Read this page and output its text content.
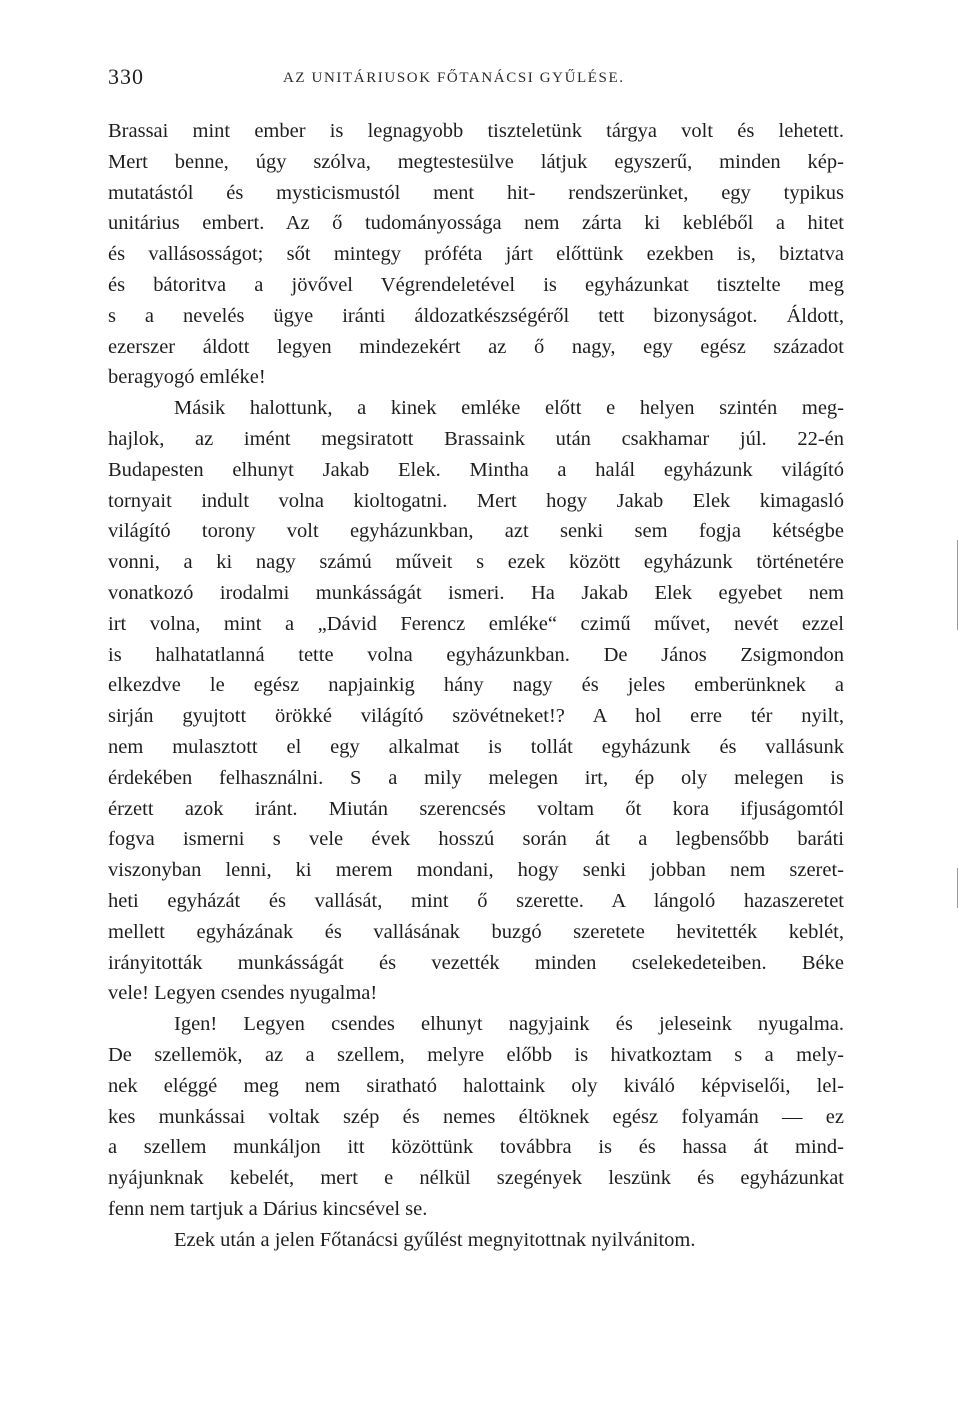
330	AZ UNITÁRIUSOK FŐTANÁCSI GYŰLÉSE.
Brassai mint ember is legnagyobb tiszteletünk tárgya volt és lehetett.
Mert benne, úgy szólva, megtestesülve látjuk egyszerű, minden kép-
mutatástól és mysticismustól ment hit- rendszerünket, egy typikus
unitárius embert. Az ő tudományossága nem zárta ki kebléből a hitet
és vallásosságot; sőt mintegy próféta járt előttünk ezekben is, biztatva
és bátoritva a jövővel Végrendeletével is egyházunkat tisztelte meg
s a nevelés ügye iránti áldozatkészségéről tett bizonyságot. Áldott,
ezerszer áldott legyen mindezekért az ő nagy, egy egész századot
beragyogó emléke!
Másik halottunk, a kinek emléke előtt e helyen szintén meg-
hajlok, az imént megsiratott Brassaink után csakhamar júl. 22-én
Budapesten elhunyt Jakab Elek. Mintha a halál egyházunk világító
tornyait indult volna kioltogatni. Mert hogy Jakab Elek kimagasló
világító torony volt egyházunkban, azt senki sem fogja kétségbe
vonni, a ki nagy számú műveit s ezek között egyházunk történetére
vonatkozó irodalmi munkásságát ismeri. Ha Jakab Elek egyebet nem
irt volna, mint a „Dávid Ferencz emléke“ czimű művet, nevét ezzel
is halhatatlanná tette volna egyházunkban. De János Zsigmondon
elkezdve le egész napjainkig hány nagy és jeles emberünknek a
sirján gyujtott örökké világító szövétneket!? A hol erre tér nyilt,
nem mulasztott el egy alkalmat is tollát egyházunk és vallásunk
érdekében felhasználni. S a mily melegen irt, ép oly melegen is
érzett azok iránt. Miután szerencsés voltam őt kora ifjuságomtól
fogva ismerni s vele évek hosszú során át a legbensőbb baráti
viszonyban lenni, ki merem mondani, hogy senki jobban nem szeret-
heti egyházát és vallását, mint ő szerette. A lángoló hazaszeretet
mellett egyházának és vallásának buzgó szeretete hevitették keblét,
irányitották munkásságát és vezették minden cselekedeteiben. Béke
vele! Legyen csendes nyugalma!
Igen! Legyen csendes elhunyt nagyjaink és jeleseink nyugalma.
De szellemök, az a szellem, melyre előbb is hivatkoztam s a mely-
nek eléggé meg nem siratható halottaink oly kiváló képviselői, lel-
kes munkássai voltak szép és nemes éltöknek egész folyamán — ez
a szellem munkáljon itt közöttünk továbbra is és hassa át mind-
nyájunknak kebelét, mert e nélkül szegények leszünk és egyházunkat
fenn nem tartjuk a Dárius kincsével se.
Ezek után a jelen Főtanácsi gyűlést megnyitottnak nyilvánitom.
